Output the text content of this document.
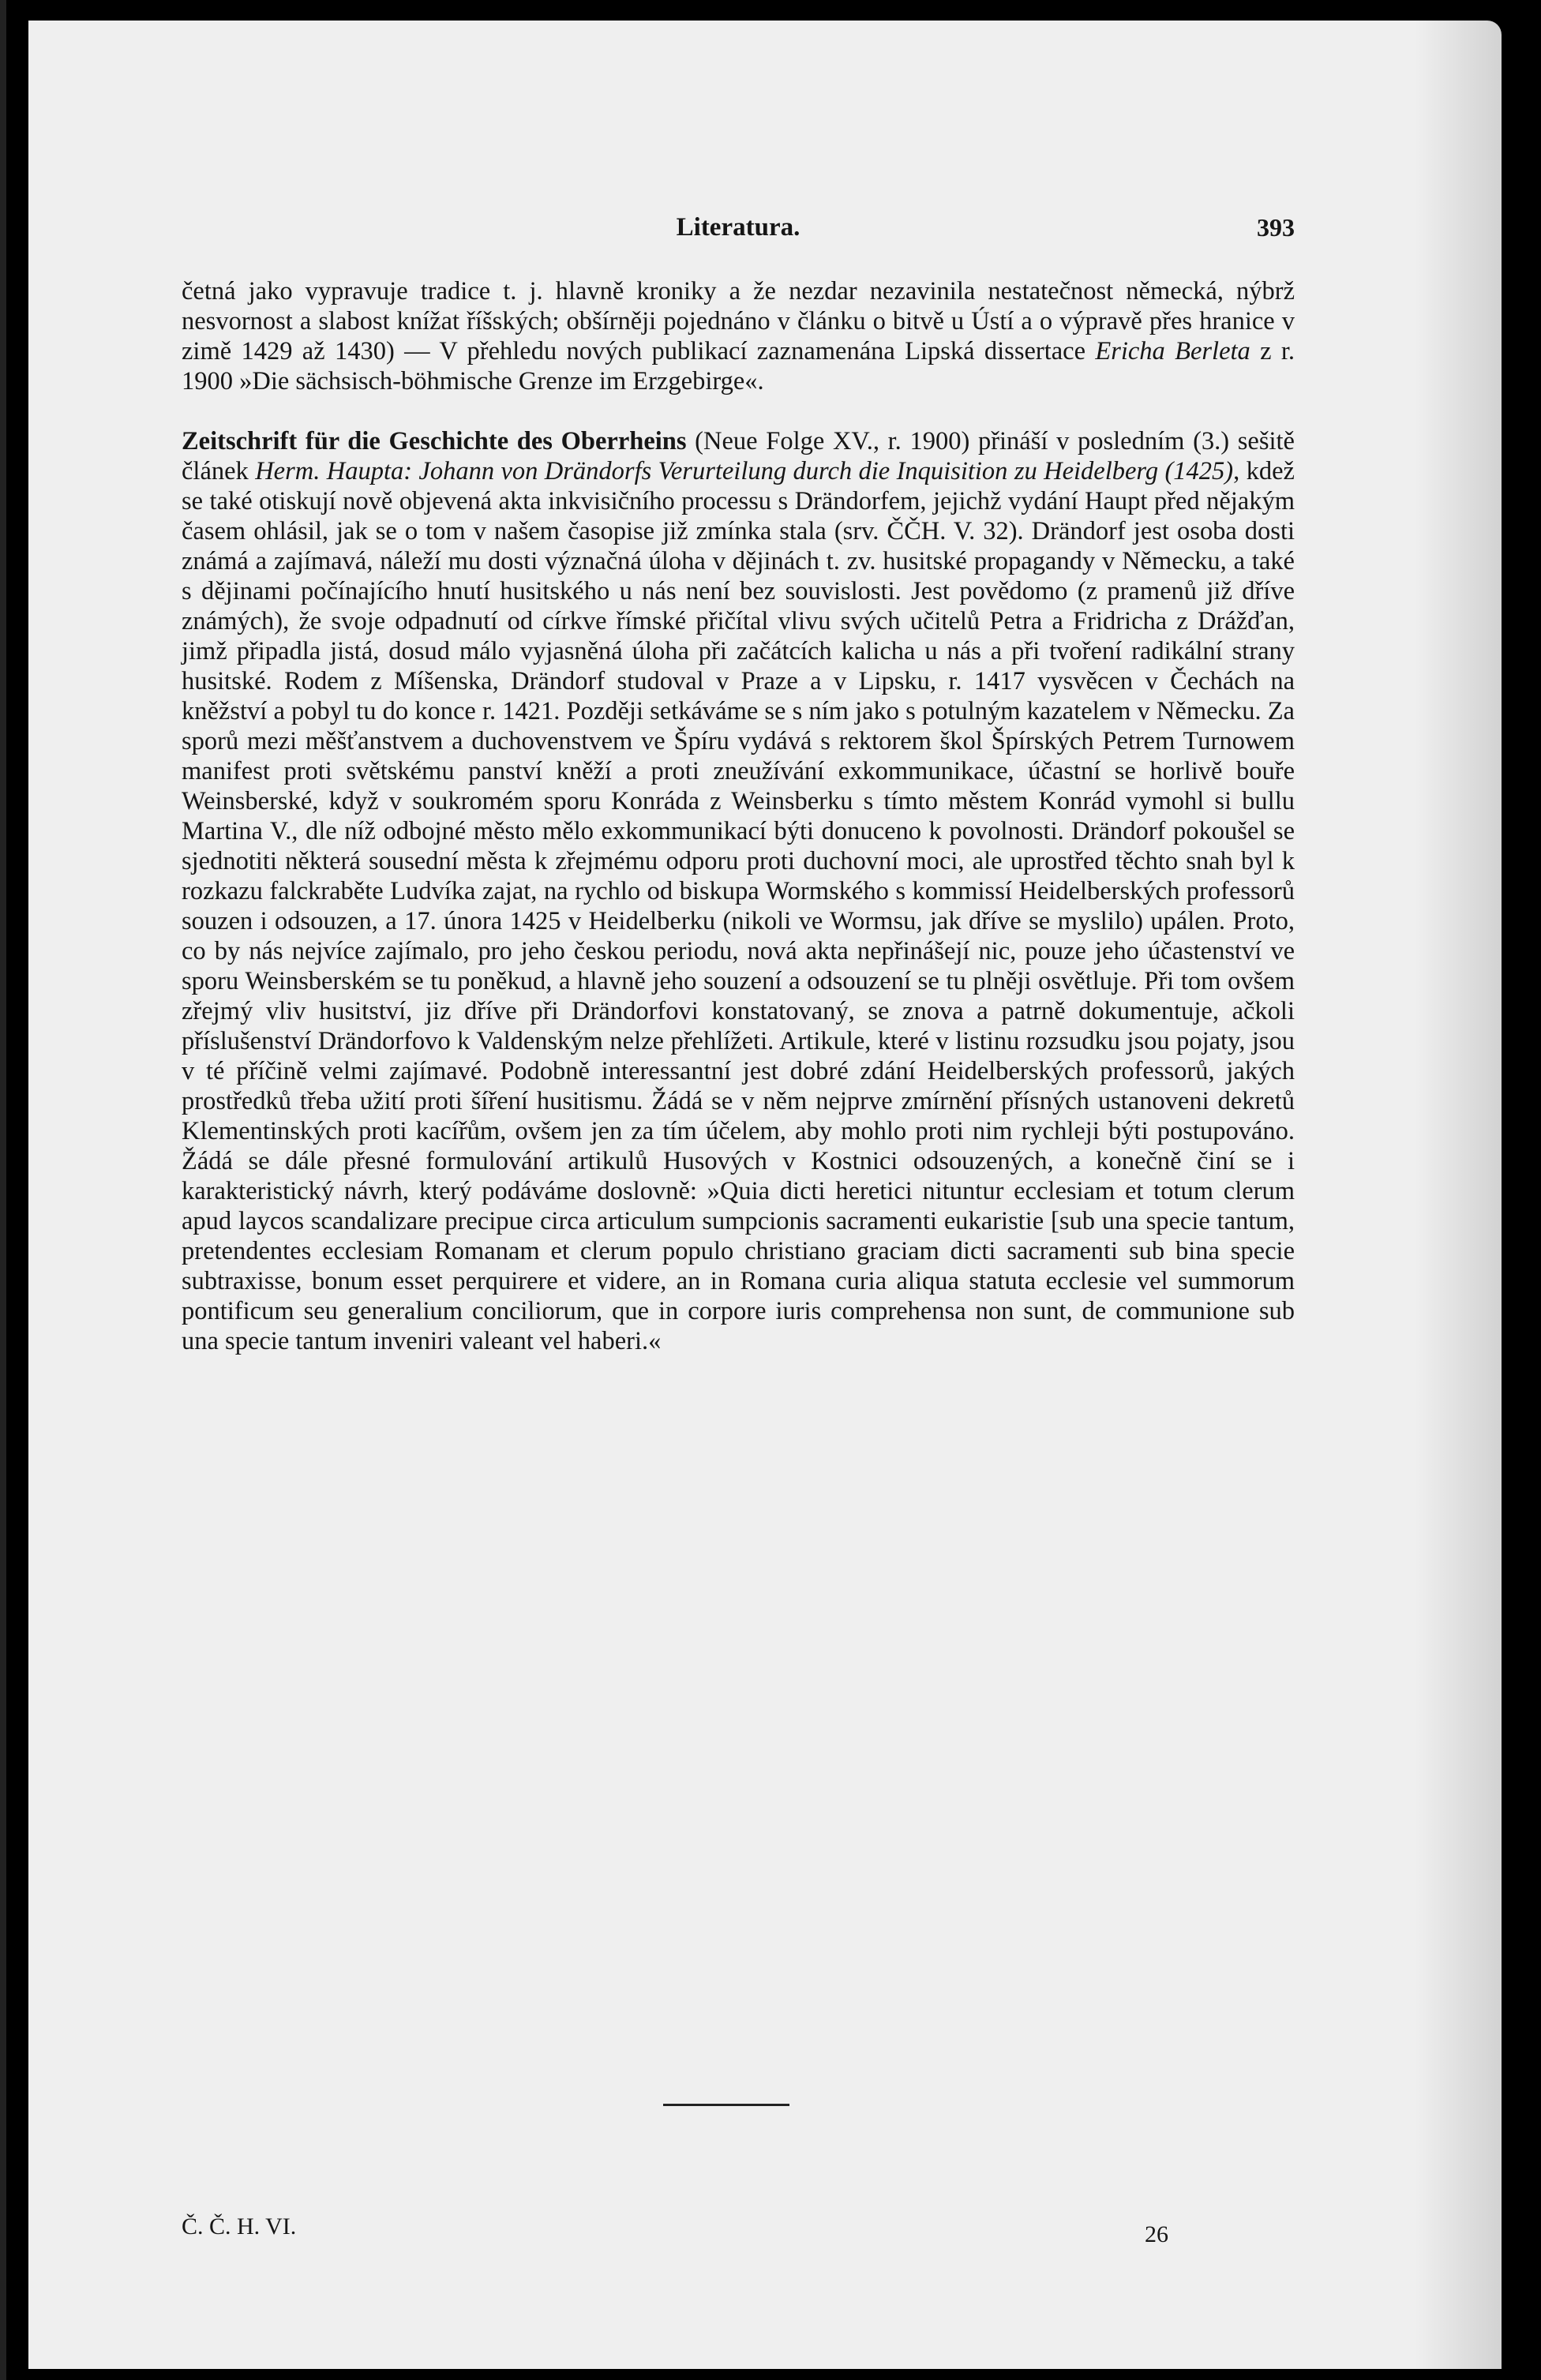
Literatura.	393

četná jako vypravuje tradice t. j. hlavně kroniky a že nezdar nezavinila nestatečnost německá, nýbrž nesvornost a slabost knížat říšských; obšírněji pojednáno v článku o bitvě u Ústí a o výpravě přes hranice v zimě 1429 až 1430) — V přehledu nových publikací zaznamenána Lipská dissertace Ericha Berleta z r. 1900 »Die sächsisch-böhmische Grenze im Erzgebirge«.

Zeitschrift für die Geschichte des Oberrheins (Neue Folge XV., r. 1900) přináší v posledním (3.) sešitě článek Herm. Haupta: Johann von Drändorfs Verurteilung durch die Inquisition zu Heidelberg (1425), kdež se také otiskují nově objevená akta inkvisičního processu s Drändorfem, jejichž vydání Haupt před nějakým časem ohlásil, jak se o tom v našem časopise již zmínka stala (srv. ČČH. V. 32). Drändorf jest osoba dosti známá a zajímavá, náleží mu dosti význačná úloha v dějinách t. zv. husitské propagandy v Německu, a také s dějinami počínajícího hnutí husitského u nás není bez souvislosti. Jest povědomo (z pramenů již dříve známých), že svoje odpadnutí od církve římské přičítal vlivu svých učitelů Petra a Fridricha z Drážďan, jimž připadla jistá, dosud málo vyjasněná úloha při začátcích kalicha u nás a při tvoření radikální strany husitské. Rodem z Míšenska, Drändorf studoval v Praze a v Lipsku, r. 1417 vysvěcen v Čechách na kněžství a pobyl tu do konce r. 1421. Později setkáváme se s ním jako s potulným kazatelem v Německu. Za sporů mezi měšťanstvem a duchovenstvem ve Špíru vydává s rektorem škol Špírských Petrem Turnowem manifest proti světskému panství kněží a proti zneužívání exkommunikace, účastní se horlivě bouře Weinsberské, když v soukromém sporu Konráda z Weinsberku s tímto městem Konrád vymohl si bullu Martina V., dle níž odbojné město mělo exkommunikací býti donuceno k povolnosti. Drändorf pokoušel se sjednotiti některá sousední města k zřejmému odporu proti duchovní moci, ale uprostřed těchto snah byl k rozkazu falckraběte Ludvíka zajat, na rychlo od biskupa Wormského s kommissí Heidelberských professorů souzen i odsouzen, a 17. února 1425 v Heidelberku (nikoli ve Wormsu, jak dříve se myslilo) upálen. Proto, co by nás nejvíce zajímalo, pro jeho českou periodu, nová akta nepřinášejí nic, pouze jeho účastenství ve sporu Weinsberském se tu poněkud, a hlavně jeho souzení a odsouzení se tu plněji osvětluje. Při tom ovšem zřejmý vliv husitství, jiz dříve při Drändorfovi konstatovaný, se znova a patrně dokumentuje, ačkoli příslušenství Drändorfovo k Valdenským nelze přehlížeti. Artikule, které v listinu rozsudku jsou pojaty, jsou v té příčině velmi zajímavé. Podobně interessantní jest dobré zdání Heidelberských professorů, jakých prostředků třeba užití proti šíření husitismu. Žádá se v něm nejprve zmírnění přísných ustanoveni dekretů Klementinských proti kacířům, ovšem jen za tím účelem, aby mohlo proti nim rychleji býti postupováno. Žádá se dále přesné formulování artikulů Husových v Kostnici odsouzených, a konečně činí se i karakteristický návrh, který podáváme doslovně: »Quia dicti heretici nituntur ecclesiam et totum clerum apud laycos scandalizare precipue circa articulum sumpcionis sacramenti eukaristie [sub una specie tantum, pretendentes ecclesiam Romanam et clerum populo christiano graciam dicti sacramenti sub bina specie subtraxisse, bonum esset perquirere et videre, an in Romana curia aliqua statuta ecclesie vel summorum pontificum seu generalium conciliorum, que in corpore iuris comprehensa non sunt, de communione sub una specie tantum inveniri valeant vel haberi.«

Č. Č. H. VI.	26
